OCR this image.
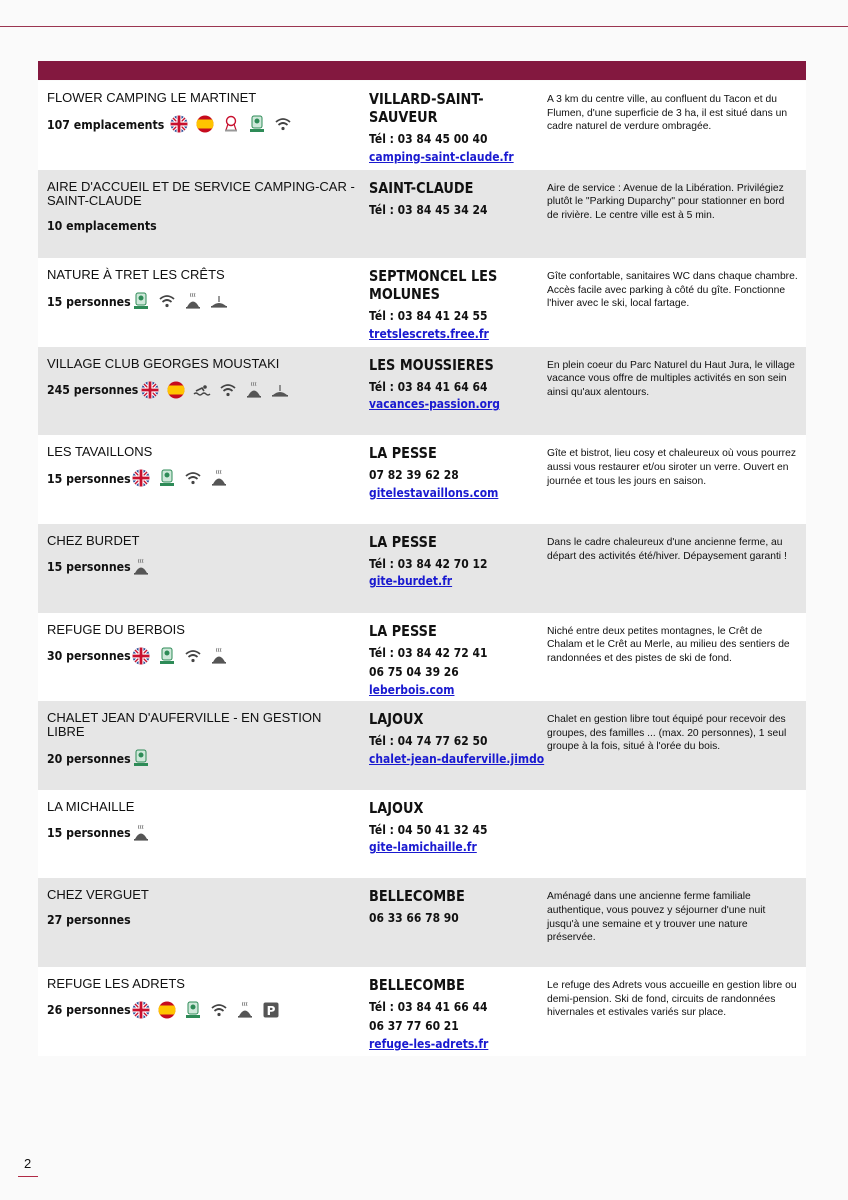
FLOWER CAMPING LE MARTINET
107 emplacements
VILLARD-SAINT-SAUVEUR
Tél : 03 84 45 00 40
camping-saint-claude.fr
A 3 km du centre ville, au confluent du Tacon et du Flumen, d'une superficie de 3 ha, il est situé dans un cadre naturel de verdure ombragée.
AIRE D'ACCUEIL ET DE SERVICE CAMPING-CAR - SAINT-CLAUDE
10 emplacements
SAINT-CLAUDE
Tél : 03 84 45 34 24
Aire de service : Avenue de la Libération. Privilégiez plutôt le "Parking Duparchy" pour stationner en bord de rivière. Le centre ville est à 5 min.
NATURE À TRET LES CRÊTS
15 personnes
SEPTMONCEL LES MOLUNES
Tél : 03 84 41 24 55
tretslescrets.free.fr
Gîte confortable, sanitaires WC dans chaque chambre. Accès facile avec parking à côté du gîte. Fonctionne l'hiver avec le ski, local fartage.
VILLAGE CLUB GEORGES MOUSTAKI
245 personnes
LES MOUSSIERES
Tél : 03 84 41 64 64
vacances-passion.org
En plein coeur du Parc Naturel du Haut Jura, le village vacance vous offre de multiples activités en son sein ainsi qu'aux alentours.
LES TAVAILLONS
15 personnes
LA PESSE
07 82 39 62 28
gitelestavaillons.com
Gîte et bistrot, lieu cosy et chaleureux où vous pourrez aussi vous restaurer et/ou siroter un verre. Ouvert en journée et tous les jours en saison.
CHEZ BURDET
15 personnes
LA PESSE
Tél : 03 84 42 70 12
gite-burdet.fr
Dans le cadre chaleureux d'une ancienne ferme, au départ des activités été/hiver. Dépaysement garanti !
REFUGE DU BERBOIS
30 personnes
LA PESSE
Tél : 03 84 42 72 41
06 75 04 39 26
leberbois.com
Niché entre deux petites montagnes, le Crêt de Chalam et le Crêt au Merle, au milieu des sentiers de randonnées et des pistes de ski de fond.
CHALET JEAN D'AUFERVILLE - EN GESTION LIBRE
20 personnes
LAJOUX
Tél : 04 74 77 62 50
chalet-jean-dauferville.jimdo
Chalet en gestion libre tout équipé pour recevoir des groupes, des familles ... (max. 20 personnes), 1 seul groupe à la fois, situé à l'orée du bois.
LA MICHAILLE
15 personnes
LAJOUX
Tél : 04 50 41 32 45
gite-lamichaille.fr
CHEZ VERGUET
27 personnes
BELLECOMBE
06 33 66 78 90
Aménagé dans une ancienne ferme familiale authentique, vous pouvez y séjourner d'une nuit jusqu'à une semaine et y trouver une nature préservée.
REFUGE LES ADRETS
26 personnes	P
BELLECOMBE
Tél : 03 84 41 66 44
06 37 77 60 21
refuge-les-adrets.fr
Le refuge des Adrets vous accueille en gestion libre ou demi-pension. Ski de fond, circuits de randonnées hivernales et estivales variés sur place.
2
